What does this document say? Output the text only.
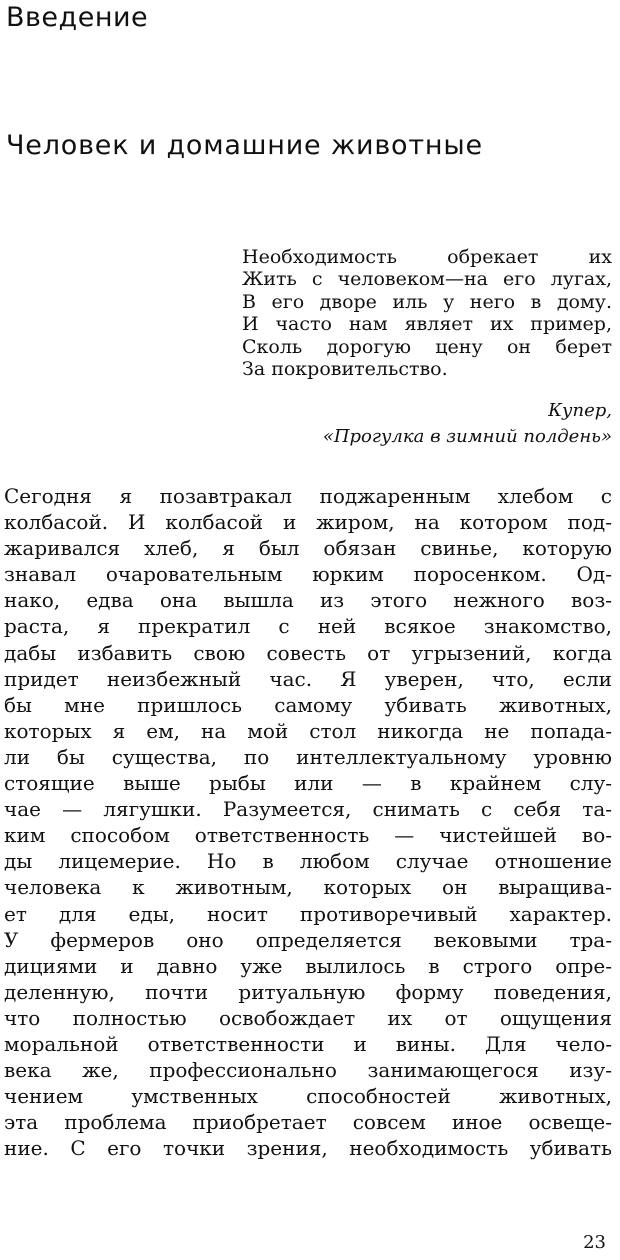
Введение
Человек и домашние животные
Необходимость обрекает их
Жить с человеком—на его лугах,
В его дворе иль у него в дому.
И часто нам являет их пример,
Сколь дорогую цену он берет
За покровительство.
Купер,
«Прогулка в зимний полдень»
Сегодня я позавтракал поджаренным хлебом с
колбасой. И колбасой и жиром, на котором под-
жаривался хлеб, я был обязан свинье, которую
знавал очаровательным юрким поросенком. Од-
нако, едва она вышла из этого нежного воз-
раста, я прекратил с ней всякое знакомство,
дабы избавить свою совесть от угрызений, когда
придет неизбежный час. Я уверен, что, если
бы мне пришлось самому убивать животных,
которых я ем, на мой стол никогда не попада-
ли бы существа, по интеллектуальному уровню
стоящие выше рыбы или — в крайнем слу-
чае — лягушки. Разумеется, снимать с себя та-
ким способом ответственность — чистейшей во-
ды лицемерие. Но в любом случае отношение
человека к животным, которых он выращива-
ет для еды, носит противоречивый характер.
У фермеров оно определяется вековыми тра-
дициями и давно уже вылилось в строго опре-
деленную, почти ритуальную форму поведения,
что полностью освобождает их от ощущения
моральной ответственности и вины. Для чело-
века же, профессионально занимающегося изу-
чением умственных способностей животных,
эта проблема приобретает совсем иное освеще-
ние. С его точки зрения, необходимость убивать
23
